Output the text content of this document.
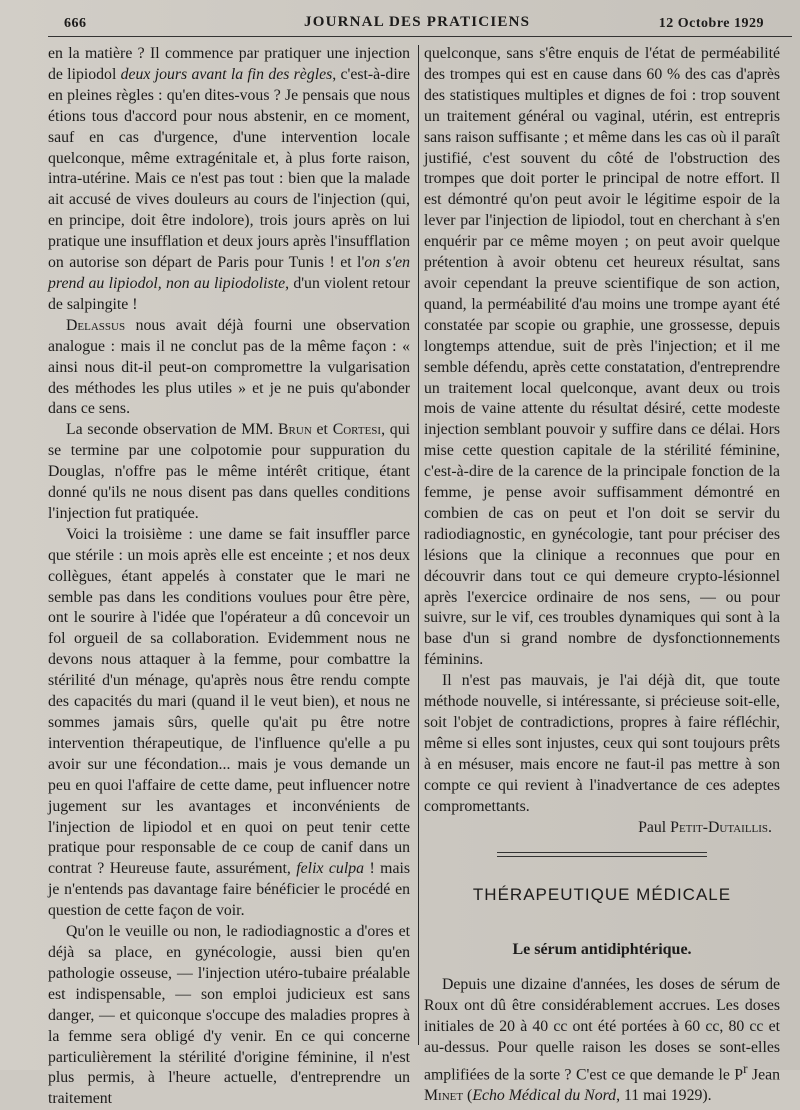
666	JOURNAL DES PRATICIENS	12 Octobre 1929

en la matière ? Il commence par pratiquer une injection de lipiodol deux jours avant la fin des règles, c'est-à-dire en pleines règles : qu'en dites-vous ? Je pensais que nous étions tous d'accord pour nous abstenir, en ce moment, sauf en cas d'urgence, d'une intervention locale quelconque, même extragénitale et, à plus forte raison, intra-utérine. Mais ce n'est pas tout : bien que la malade ait accusé de vives douleurs au cours de l'injection (qui, en principe, doit être indolore), trois jours après on lui pratique une insufflation et deux jours après l'insufflation on autorise son départ de Paris pour Tunis ! et l'on s'en prend au lipiodol, non au lipiodoliste, d'un violent retour de salpingite !

Delassus nous avait déjà fourni une observation analogue : mais il ne conclut pas de la même façon : « ainsi nous dit-il peut-on compromettre la vulgarisation des méthodes les plus utiles » et je ne puis qu'abonder dans ce sens.

La seconde observation de MM. Brun et Cortesi, qui se termine par une colpotomie pour suppuration du Douglas, n'offre pas le même intérêt critique, étant donné qu'ils ne nous disent pas dans quelles conditions l'injection fut pratiquée.

Voici la troisième : une dame se fait insuffler parce que stérile : un mois après elle est enceinte ; et nos deux collègues, étant appelés à constater que le mari ne semble pas dans les conditions voulues pour être père, ont le sourire à l'idée que l'opérateur a dû concevoir un fol orgueil de sa collaboration. Evidemment nous ne devons nous attaquer à la femme, pour combattre la stérilité d'un ménage, qu'après nous être rendu compte des capacités du mari (quand il le veut bien), et nous ne sommes jamais sûrs, quelle qu'ait pu être notre intervention thérapeutique, de l'influence qu'elle a pu avoir sur une fécondation... mais je vous demande un peu en quoi l'affaire de cette dame, peut influencer notre jugement sur les avantages et inconvénients de l'injection de lipiodol et en quoi on peut tenir cette pratique pour responsable de ce coup de canif dans un contrat ? Heureuse faute, assurément, felix culpa ! mais je n'entends pas davantage faire bénéficier le procédé en question de cette façon de voir.

Qu'on le veuille ou non, le radiodiagnostic a d'ores et déjà sa place, en gynécologie, aussi bien qu'en pathologie osseuse, — l'injection utéro-tubaire préalable est indispensable, — son emploi judicieux est sans danger, — et quiconque s'occupe des maladies propres à la femme sera obligé d'y venir. En ce qui concerne particulièrement la stérilité d'origine féminine, il n'est plus permis, à l'heure actuelle, d'entreprendre un traitement

quelconque, sans s'être enquis de l'état de perméabilité des trompes qui est en cause dans 60 % des cas d'après des statistiques multiples et dignes de foi : trop souvent un traitement général ou vaginal, utérin, est entrepris sans raison suffisante ; et même dans les cas où il paraît justifié, c'est souvent du côté de l'obstruction des trompes que doit porter le principal de notre effort. Il est démontré qu'on peut avoir le légitime espoir de la lever par l'injection de lipiodol, tout en cherchant à s'en enquérir par ce même moyen ; on peut avoir quelque prétention à avoir obtenu cet heureux résultat, sans avoir cependant la preuve scientifique de son action, quand, la perméabilité d'au moins une trompe ayant été constatée par scopie ou graphie, une grossesse, depuis longtemps attendue, suit de près l'injection; et il me semble défendu, après cette constatation, d'entreprendre un traitement local quelconque, avant deux ou trois mois de vaine attente du résultat désiré, cette modeste injection semblant pouvoir y suffire dans ce délai. Hors mise cette question capitale de la stérilité féminine, c'est-à-dire de la carence de la principale fonction de la femme, je pense avoir suffisamment démontré en combien de cas on peut et l'on doit se servir du radiodiagnostic, en gynécologie, tant pour préciser des lésions que la clinique a reconnues que pour en découvrir dans tout ce qui demeure crypto-lésionnel après l'exercice ordinaire de nos sens, — ou pour suivre, sur le vif, ces troubles dynamiques qui sont à la base d'un si grand nombre de dysfonctionnements féminins.

Il n'est pas mauvais, je l'ai déjà dit, que toute méthode nouvelle, si intéressante, si précieuse soit-elle, soit l'objet de contradictions, propres à faire réfléchir, même si elles sont injustes, ceux qui sont toujours prêts à en mésuser, mais encore ne faut-il pas mettre à son compte ce qui revient à l'inadvertance de ces adeptes compromettants.

Paul Petit-Dutaillis.

THÉRAPEUTIQUE MÉDICALE
Le sérum antidiphtérique.

Depuis une dizaine d'années, les doses de sérum de Roux ont dû être considérablement accrues. Les doses initiales de 20 à 40 cc ont été portées à 60 cc, 80 cc et au-dessus. Pour quelle raison les doses se sont-elles amplifiées de la sorte ? C'est ce que demande le $P^r$ Jean Minet (Echo Médical du Nord, 11 mai 1929).
